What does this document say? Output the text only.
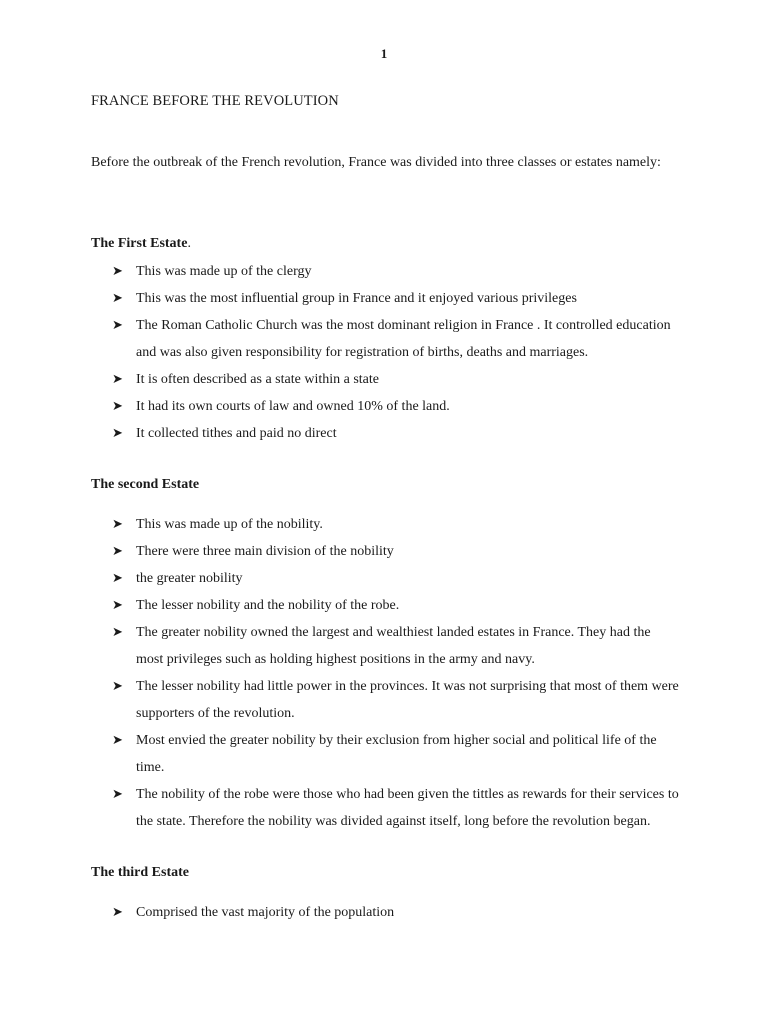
1
FRANCE BEFORE THE REVOLUTION
Before the outbreak of the French revolution, France was divided into three classes or estates namely:
The First Estate.
➤ This was made up of the clergy
➤ This was the most influential group in France and it enjoyed various privileges
➤ The Roman Catholic Church was the most dominant religion in France . It controlled education and was also given responsibility for registration of births, deaths and marriages.
➤ It is often described as a state within a state
➤ It had its own courts of law and owned 10% of the land.
➤ It collected tithes and paid no direct
The second Estate
➤ This was made up of the nobility.
➤ There were three main division of the nobility
➤ the greater nobility
➤ The lesser nobility and the nobility of the robe.
➤ The greater nobility owned the largest and wealthiest landed estates in France. They had the most privileges such as holding highest positions in the army and navy.
➤ The lesser nobility had little power in the provinces. It was not surprising that most of them were supporters of the revolution.
➤ Most envied the greater nobility by their exclusion from higher social and political life of the time.
➤ The nobility of the robe were those who had been given the tittles as rewards for their services to the state. Therefore the nobility was divided against itself, long before the revolution began.
The third Estate
➤ Comprised the vast majority of the population
